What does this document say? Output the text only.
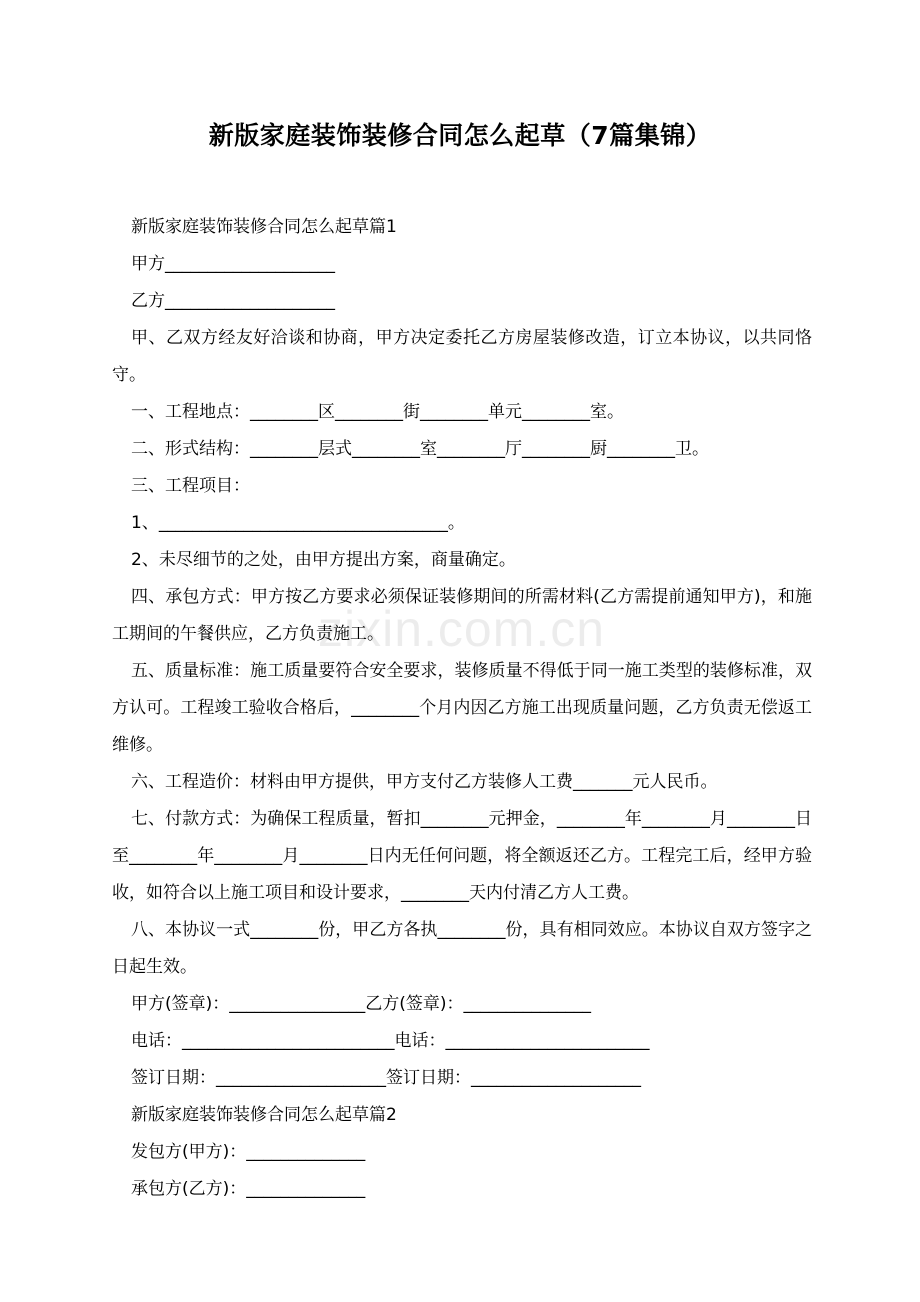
新版家庭装饰装修合同怎么起草（7篇集锦）
zixin.com.cn

新版家庭装饰装修合同怎么起草篇1

甲方____________________

乙方____________________

甲、乙双方经友好洽谈和协商，甲方决定委托乙方房屋装修改造，订立本协议，以共同恪守。

一、工程地点：________区________街________单元________室。

二、形式结构：________层式________室________厅________厨________卫。

三、工程项目：

1、__________________________________。

2、未尽细节的之处，由甲方提出方案，商量确定。

四、承包方式：甲方按乙方要求必须保证装修期间的所需材料(乙方需提前通知甲方)，和施工期间的午餐供应，乙方负责施工。

五、质量标准：施工质量要符合安全要求，装修质量不得低于同一施工类型的装修标准，双方认可。工程竣工验收合格后，________个月内因乙方施工出现质量问题，乙方负责无偿返工维修。

六、工程造价：材料由甲方提供，甲方支付乙方装修人工费_______元人民币。

七、付款方式：为确保工程质量，暂扣________元押金，________年________月________日至________年________月________日内无任何问题，将全额返还乙方。工程完工后，经甲方验收，如符合以上施工项目和设计要求，________天内付清乙方人工费。

八、本协议一式________份，甲乙方各执________份，具有相同效应。本协议自双方签字之日起生效。

甲方(签章)：________________乙方(签章)：_______________

电话：_________________________电话：________________________

签订日期：____________________签订日期：____________________

新版家庭装饰装修合同怎么起草篇2

发包方(甲方)：______________

承包方(乙方)：______________
